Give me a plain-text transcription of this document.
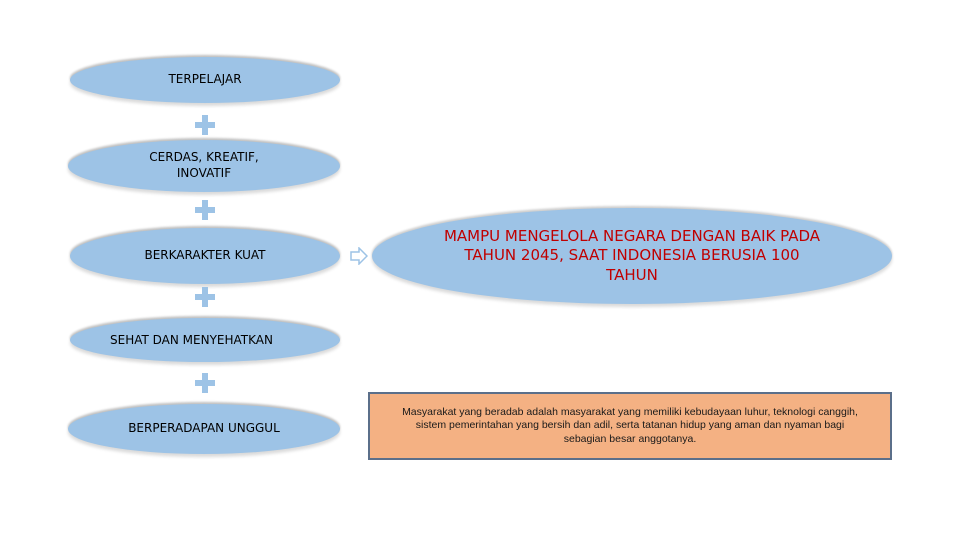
TERPELAJAR
CERDAS, KREATIF, INOVATIF
BERKARAKTER KUAT
SEHAT DAN MENYEHATKAN
BERPERADAPAN UNGGUL
MAMPU MENGELOLA NEGARA DENGAN BAIK PADA TAHUN 2045, SAAT INDONESIA BERUSIA 100 TAHUN
Masyarakat yang beradab adalah masyarakat yang memiliki kebudayaan luhur, teknologi canggih, sistem pemerintahan yang bersih dan adil, serta tatanan hidup yang aman dan nyaman bagi sebagian besar anggotanya.
